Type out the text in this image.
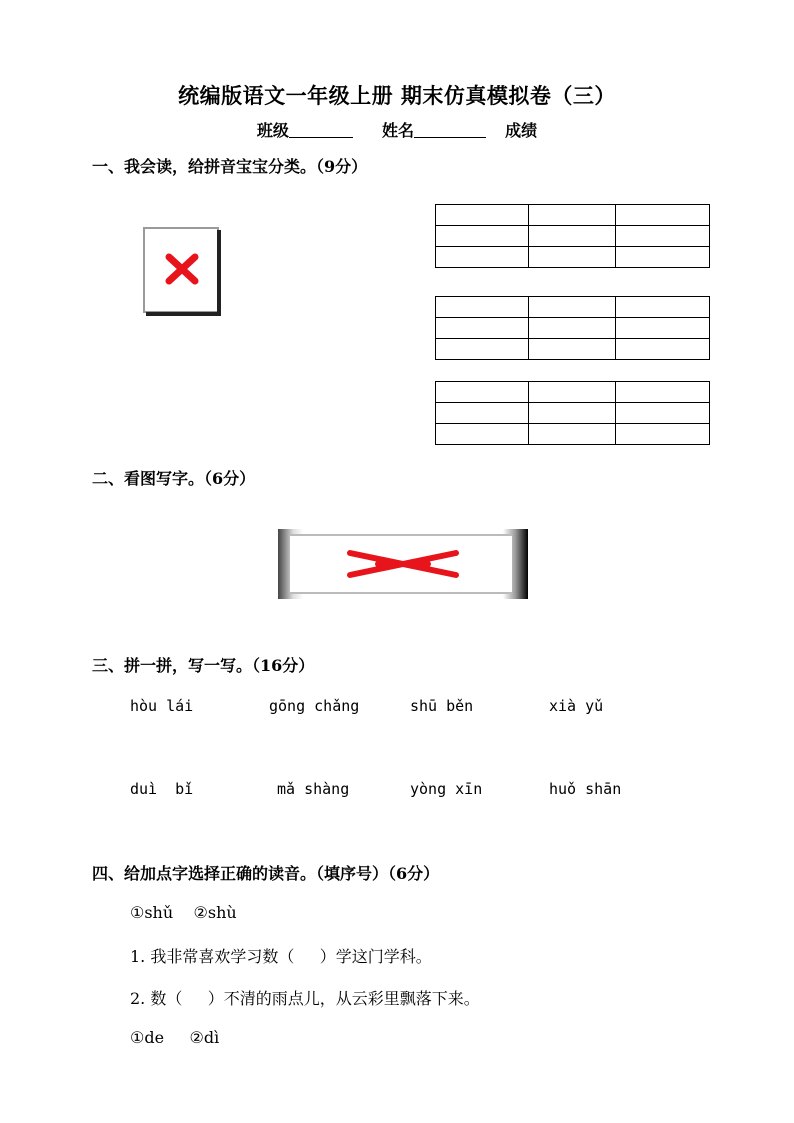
统编版语文一年级上册 期末仿真模拟卷（三）
班级	姓名	成绩
一、我会读，给拼音宝宝分类。（9分）

二、看图写字。（6分）
三、拼一拼，写一写。（16分）
hòu lái	gōng chǎng	shū běn	xià yǔ
duì  bǐ	mǎ shàng	yòng xīn	huǒ shān
四、给加点字选择正确的读音。（填序号）（6分）
①shǔ    ②shù
1. 我非常喜欢学习数（     ）学这门学科。
2. 数（     ）不清的雨点儿，从云彩里飘落下来。
①de     ②dì
